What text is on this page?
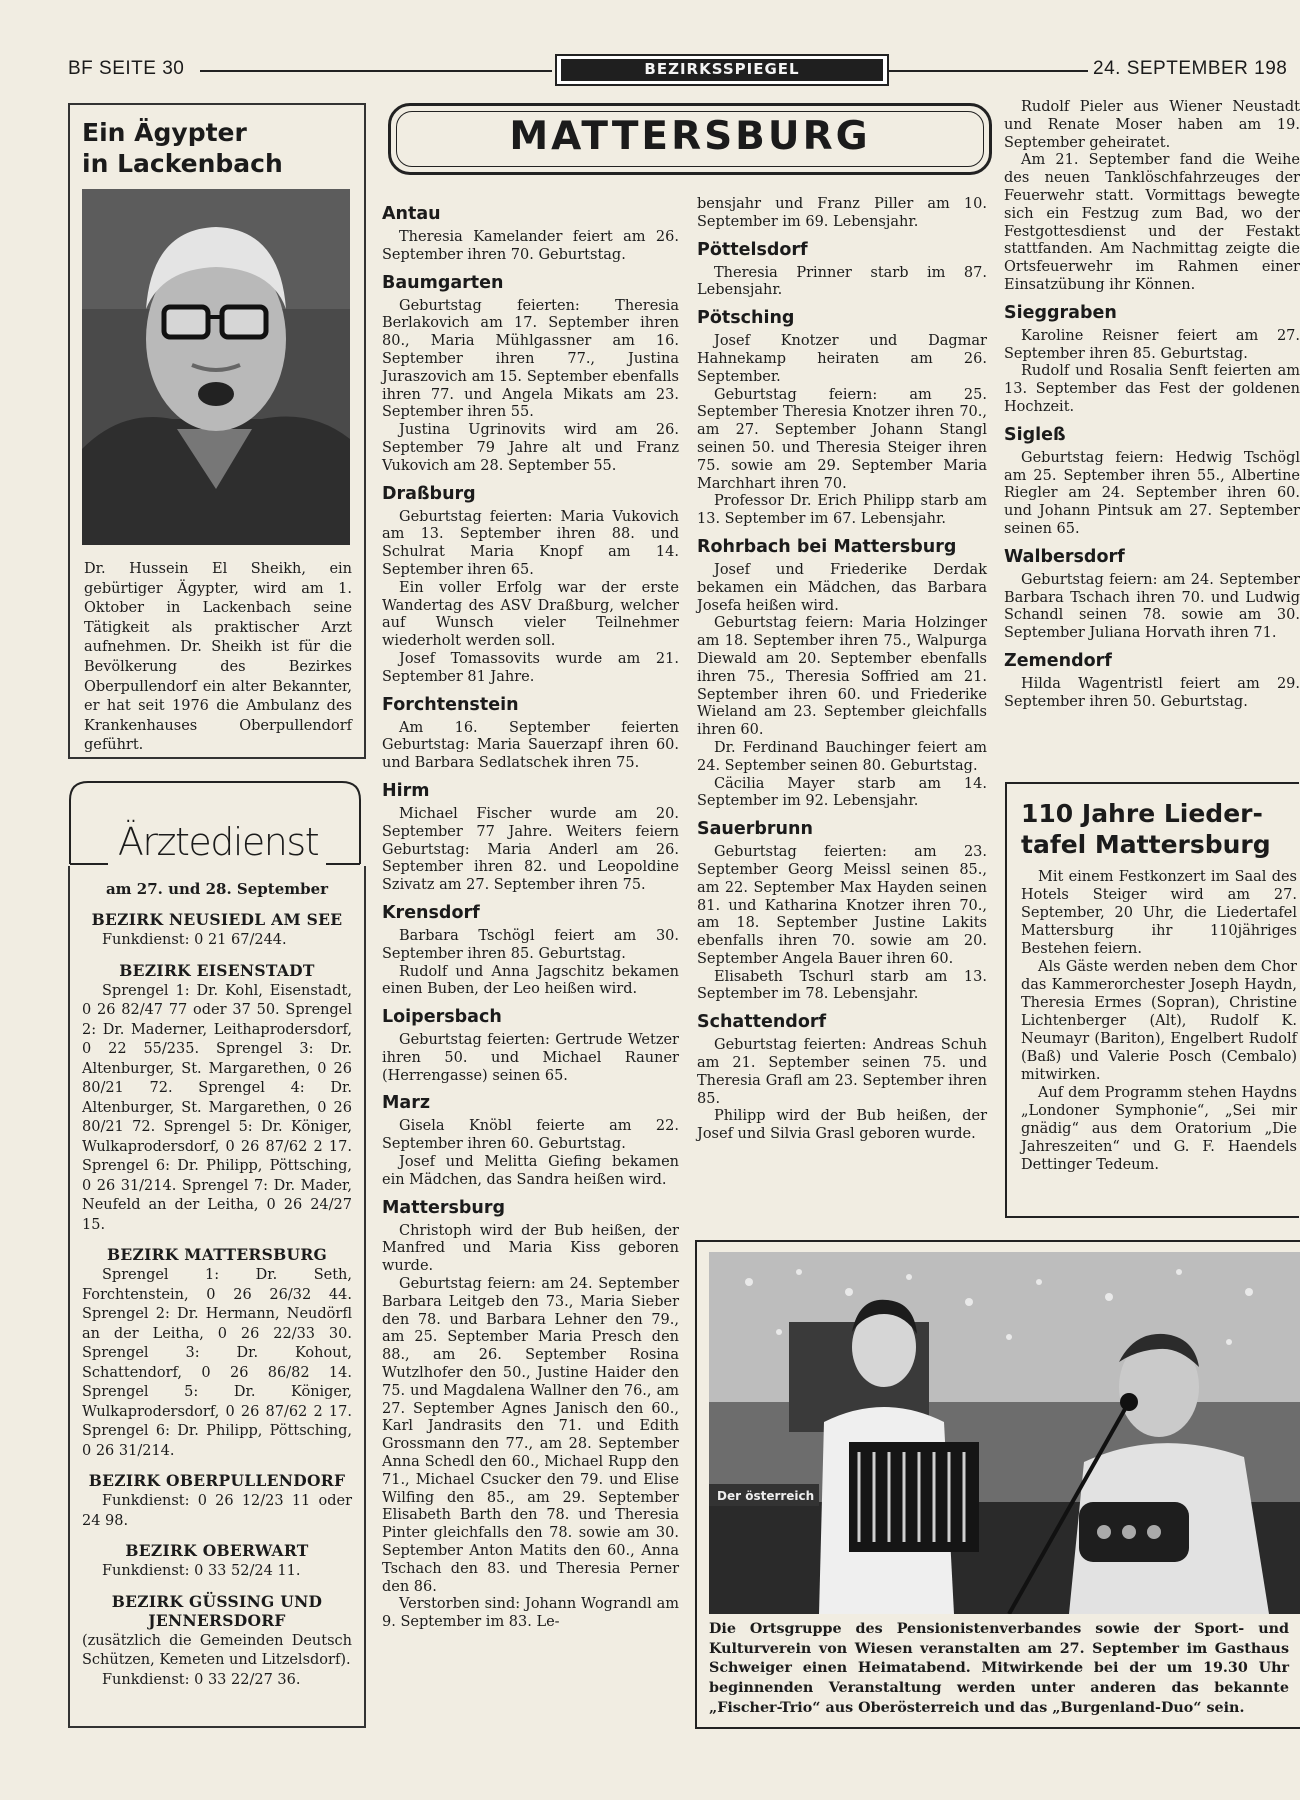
BF SEITE 30	BEZIRKSSPIEGEL	24. SEPTEMBER 198
Ein Ägypter
in Lackenbach
Dr. Hussein El Sheikh, ein gebürtiger Ägypter, wird am 1. Oktober in Lackenbach seine Tätigkeit als praktischer Arzt aufnehmen. Dr. Sheikh ist für die Bevölkerung des Bezirkes Oberpullendorf ein alter Bekannter, er hat seit 1976 die Ambulanz des Krankenhauses Oberpullendorf geführt.
Ärztedienst
am 27. und 28. September
BEZIRK NEUSIEDL AM SEE
Funkdienst: 0 21 67/244.
BEZIRK EISENSTADT
Sprengel 1: Dr. Kohl, Eisenstadt, 0 26 82/47 77 oder 37 50. Sprengel 2: Dr. Maderner, Leithaprodersdorf, 0 22 55/235. Sprengel 3: Dr. Altenburger, St. Margarethen, 0 26 80/21 72. Sprengel 4: Dr. Altenburger, St. Margarethen, 0 26 80/21 72. Sprengel 5: Dr. Königer, Wulkaprodersdorf, 0 26 87/62 2 17. Sprengel 6: Dr. Philipp, Pöttsching, 0 26 31/214. Sprengel 7: Dr. Mader, Neufeld an der Leitha, 0 26 24/27 15.
BEZIRK MATTERSBURG
Sprengel 1: Dr. Seth, Forchtenstein, 0 26 26/32 44. Sprengel 2: Dr. Hermann, Neudörfl an der Leitha, 0 26 22/33 30. Sprengel 3: Dr. Kohout, Schattendorf, 0 26 86/82 14. Sprengel 5: Dr. Königer, Wulkaprodersdorf, 0 26 87/62 2 17. Sprengel 6: Dr. Philipp, Pöttsching, 0 26 31/214.
BEZIRK OBERPULLENDORF
Funkdienst: 0 26 12/23 11 oder 24 98.
BEZIRK OBERWART
Funkdienst: 0 33 52/24 11.
BEZIRK GÜSSING UND JENNERSDORF
(zusätzlich die Gemeinden Deutsch Schützen, Kemeten und Litzelsdorf).
Funkdienst: 0 33 22/27 36.
MATTERSBURG
Antau

Theresia Kamelander feiert am 26. September ihren 70. Geburtstag.

Baumgarten

Geburtstag feierten: Theresia Berlakovich am 17. September ihren 80., Maria Mühlgassner am 16. September ihren 77., Justina Juraszovich am 15. September ebenfalls ihren 77. und Angela Mikats am 23. September ihren 55.

Justina Ugrinovits wird am 26. September 79 Jahre alt und Franz Vukovich am 28. September 55.

Draßburg

Geburtstag feierten: Maria Vukovich am 13. September ihren 88. und Schulrat Maria Knopf am 14. September ihren 65.

Ein voller Erfolg war der erste Wandertag des ASV Draßburg, welcher auf Wunsch vieler Teilnehmer wiederholt werden soll.

Josef Tomassovits wurde am 21. September 81 Jahre.

Forchtenstein

Am 16. September feierten Geburtstag: Maria Sauerzapf ihren 60. und Barbara Sedlatschek ihren 75.

Hirm

Michael Fischer wurde am 20. September 77 Jahre. Weiters feiern Geburtstag: Maria Anderl am 26. September ihren 82. und Leopoldine Szivatz am 27. September ihren 75.

Krensdorf

Barbara Tschögl feiert am 30. September ihren 85. Geburtstag.

Rudolf und Anna Jagschitz bekamen einen Buben, der Leo heißen wird.

Loipersbach

Geburtstag feierten: Gertrude Wetzer ihren 50. und Michael Rauner (Herrengasse) seinen 65.

Marz

Gisela Knöbl feierte am 22. September ihren 60. Geburtstag.

Josef und Melitta Giefing bekamen ein Mädchen, das Sandra heißen wird.

Mattersburg

Christoph wird der Bub heißen, der Manfred und Maria Kiss geboren wurde.

Geburtstag feiern: am 24. September Barbara Leitgeb den 73., Maria Sieber den 78. und Barbara Lehner den 79., am 25. September Maria Presch den 88., am 26. September Rosina Wutzlhofer den 50., Justine Haider den 75. und Magdalena Wallner den 76., am 27. September Agnes Janisch den 60., Karl Jandrasits den 71. und Edith Grossmann den 77., am 28. September Anna Schedl den 60., Michael Rupp den 71., Michael Csucker den 79. und Elise Wilfing den 85., am 29. September Elisabeth Barth den 78. und Theresia Pinter gleichfalls den 78. sowie am 30. September Anton Matits den 60., Anna Tschach den 83. und Theresia Perner den 86.

Verstorben sind: Johann Wograndl am 9. September im 83. Le-

bensjahr und Franz Piller am 10. September im 69. Lebensjahr.

Pöttelsdorf

Theresia Prinner starb im 87. Lebensjahr.

Pötsching

Josef Knotzer und Dagmar Hahnekamp heiraten am 26. September.

Geburtstag feiern: am 25. September Theresia Knotzer ihren 70., am 27. September Johann Stangl seinen 50. und Theresia Steiger ihren 75. sowie am 29. September Maria Marchhart ihren 70.

Professor Dr. Erich Philipp starb am 13. September im 67. Lebensjahr.

Rohrbach bei Mattersburg

Josef und Friederike Derdak bekamen ein Mädchen, das Barbara Josefa heißen wird.

Geburtstag feiern: Maria Holzinger am 18. September ihren 75., Walpurga Diewald am 20. September ebenfalls ihren 75., Theresia Soffried am 21. September ihren 60. und Friederike Wieland am 23. September gleichfalls ihren 60.

Dr. Ferdinand Bauchinger feiert am 24. September seinen 80. Geburtstag.

Cäcilia Mayer starb am 14. September im 92. Lebensjahr.

Sauerbrunn

Geburtstag feierten: am 23. September Georg Meissl seinen 85., am 22. September Max Hayden seinen 81. und Katharina Knotzer ihren 70., am 18. September Justine Lakits ebenfalls ihren 70. sowie am 20. September Angela Bauer ihren 60.

Elisabeth Tschurl starb am 13. September im 78. Lebensjahr.

Schattendorf

Geburtstag feierten: Andreas Schuh am 21. September seinen 75. und Theresia Grafl am 23. September ihren 85.

Philipp wird der Bub heißen, der Josef und Silvia Grasl geboren wurde.

Rudolf Pieler aus Wiener Neustadt und Renate Moser haben am 19. September geheiratet.

Am 21. September fand die Weihe des neuen Tanklöschfahrzeuges der Feuerwehr statt. Vormittags bewegte sich ein Festzug zum Bad, wo der Festgottesdienst und der Festakt stattfanden. Am Nachmittag zeigte die Ortsfeuerwehr im Rahmen einer Einsatzübung ihr Können.

Sieggraben

Karoline Reisner feiert am 27. September ihren 85. Geburtstag.

Rudolf und Rosalia Senft feierten am 13. September das Fest der goldenen Hochzeit.

Sigleß

Geburtstag feiern: Hedwig Tschögl am 25. September ihren 55., Albertine Riegler am 24. September ihren 60. und Johann Pintsuk am 27. September seinen 65.

Walbersdorf

Geburtstag feiern: am 24. September Barbara Tschach ihren 70. und Ludwig Schandl seinen 78. sowie am 30. September Juliana Horvath ihren 71.

Zemendorf

Hilda Wagentristl feiert am 29. September ihren 50. Geburtstag.

110 Jahre Lieder-
tafel Mattersburg

Mit einem Festkonzert im Saal des Hotels Steiger wird am 27. September, 20 Uhr, die Liedertafel Mattersburg ihr 110jähriges Bestehen feiern.

Als Gäste werden neben dem Chor das Kammerorchester Joseph Haydn, Theresia Ermes (Sopran), Christine Lichtenberger (Alt), Rudolf K. Neumayr (Bariton), Engelbert Rudolf (Baß) und Valerie Posch (Cembalo) mitwirken.

Auf dem Programm stehen Haydns „Londoner Symphonie“, „Sei mir gnädig“ aus dem Oratorium „Die Jahreszeiten“ und G. F. Haendels Dettinger Tedeum.

Der österreich
Die Ortsgruppe des Pensionistenverbandes sowie der Sport- und Kulturverein von Wiesen veranstalten am 27. September im Gasthaus Schweiger einen Heimatabend. Mitwirkende bei der um 19.30 Uhr beginnenden Veranstaltung werden unter anderen das bekannte „Fischer-Trio“ aus Oberösterreich und das „Burgenland-Duo“ sein.
